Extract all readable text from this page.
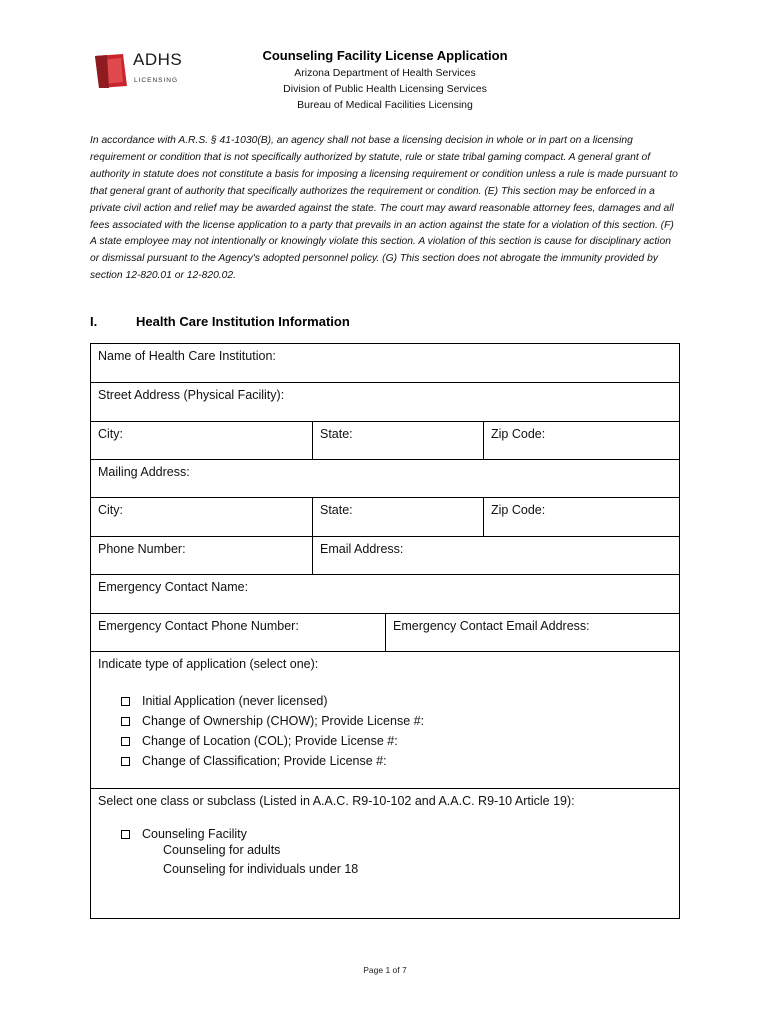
ADHS
LICENSING
Counseling Facility License Application
Arizona Department of Health Services
Division of Public Health Licensing Services
Bureau of Medical Facilities Licensing
In accordance with A.R.S. § 41-1030(B), an agency shall not base a licensing decision in whole or in part on a licensing requirement or condition that is not specifically authorized by statute, rule or state tribal gaming compact. A general grant of authority in statute does not constitute a basis for imposing a licensing requirement or condition unless a rule is made pursuant to that general grant of authority that specifically authorizes the requirement or condition. (E) This section may be enforced in a private civil action and relief may be awarded against the state. The court may award reasonable attorney fees, damages and all fees associated with the license application to a party that prevails in an action against the state for a violation of this section. (F) A state employee may not intentionally or knowingly violate this section. A violation of this section is cause for disciplinary action or dismissal pursuant to the Agency's adopted personnel policy. (G) This section does not abrogate the immunity provided by section 12-820.01 or 12-820.02.
I.	Health Care Institution Information
Name of Health Care Institution:
Street Address (Physical Facility):
City:	State:	Zip Code:
Mailing Address:
City:	State:	Zip Code:
Phone Number:	Email Address:
Emergency Contact Name:
Emergency Contact Phone Number:	Emergency Contact Email Address:
Indicate type of application (select one):
Initial Application (never licensed)
Change of Ownership (CHOW); Provide License #:
Change of Location (COL); Provide License #:
Change of Classification; Provide License #:
Select one class or subclass (Listed in A.A.C. R9-10-102 and A.A.C. R9-10 Article 19):
Counseling Facility
Counseling for adults
Counseling for individuals under 18
Page 1 of 7
